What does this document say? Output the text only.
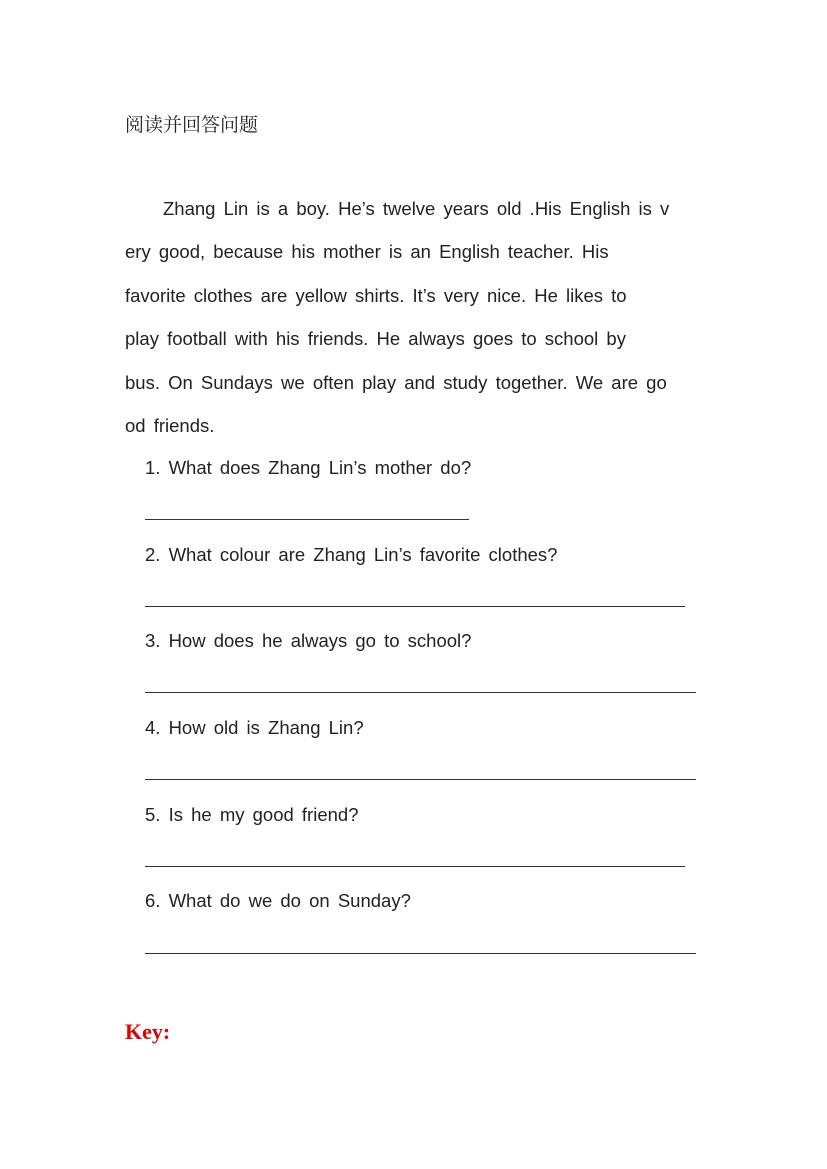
阅读并回答问题
Zhang Lin is a boy. He’s twelve years old .His English is v
ery good, because his mother is an English teacher. His
favorite clothes are yellow shirts. It’s very nice. He likes to
play football with his friends. He always goes to school by
bus. On Sundays we often play and study together. We are go
od friends.
1. What does Zhang Lin’s mother do?
2. What colour are Zhang Lin’s favorite clothes?
3. How does he always go to school?
4. How old is Zhang Lin?
5. Is he my good friend?
6. What do we do on Sunday?
Key:
